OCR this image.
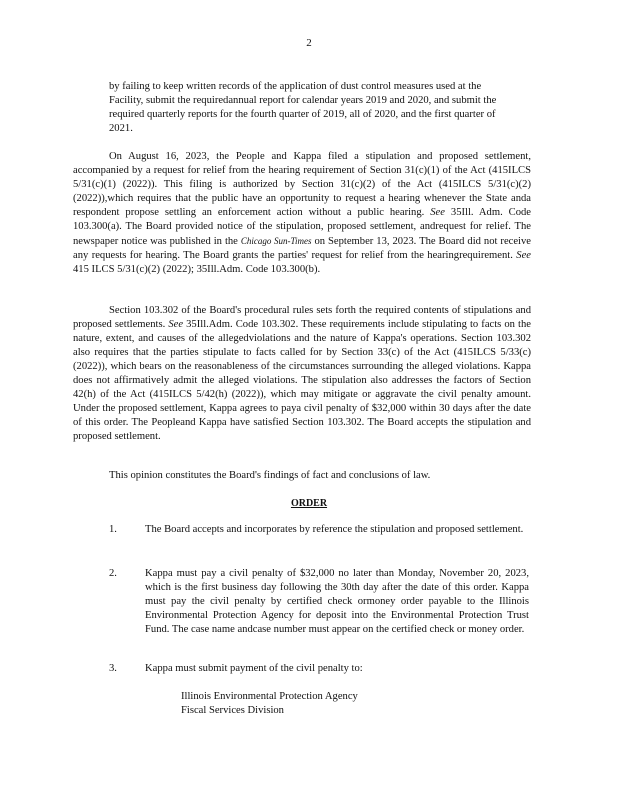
2

by failing to keep written records of the application of dust control measures used at the Facility, submit the requiredannual report for calendar years 2019 and 2020, and submit the required quarterly reports for the fourth quarter of 2019, all of 2020, and the first quarter of 2021.

On August 16, 2023, the People and Kappa filed a stipulation and proposed settlement, accompanied by a request for relief from the hearing requirement of Section 31(c)(1) of the Act (415ILCS 5/31(c)(1) (2022)). This filing is authorized by Section 31(c)(2) of the Act (415ILCS 5/31(c)(2) (2022)),which requires that the public have an opportunity to request a hearing whenever the State anda respondent propose settling an enforcement action without a public hearing. See 35Ill. Adm. Code 103.300(a). The Board provided notice of the stipulation, proposed settlement, andrequest for relief. The newspaper notice was published in the Chicago Sun-Times on September 13, 2023. The Board did not receive any requests for hearing. The Board grants the parties' request for relief from the hearingrequirement. See 415 ILCS 5/31(c)(2) (2022); 35Ill.Adm. Code 103.300(b).

Section 103.302 of the Board's procedural rules sets forth the required contents of stipulations and proposed settlements. See 35Ill.Adm. Code 103.302. These requirements include stipulating to facts on the nature, extent, and causes of the allegedviolations and the nature of Kappa's operations. Section 103.302 also requires that the parties stipulate to facts called for by Section 33(c) of the Act (415ILCS 5/33(c) (2022)), which bears on the reasonableness of the circumstances surrounding the alleged violations. Kappa does not affirmatively admit the alleged violations. The stipulation also addresses the factors of Section 42(h) of the Act (415ILCS 5/42(h) (2022)), which may mitigate or aggravate the civil penalty amount. Under the proposed settlement, Kappa agrees to paya civil penalty of $32,000 within 30 days after the date of this order. The Peopleand Kappa have satisfied Section 103.302. The Board accepts the stipulation and proposed settlement.

This opinion constitutes the Board's findings of fact and conclusions of law.

ORDER
1.	The Board accepts and incorporates by reference the stipulation and proposed settlement.
2.	Kappa must pay a civil penalty of $32,000 no later than Monday, November 20, 2023, which is the first business day following the 30th day after the date of this order. Kappa must pay the civil penalty by certified check ormoney order payable to the Illinois Environmental Protection Agency for deposit into the Environmental Protection Trust Fund. The case name andcase number must appear on the certified check or money order.
3.	Kappa must submit payment of the civil penalty to:
Illinois Environmental Protection Agency
Fiscal Services Division
